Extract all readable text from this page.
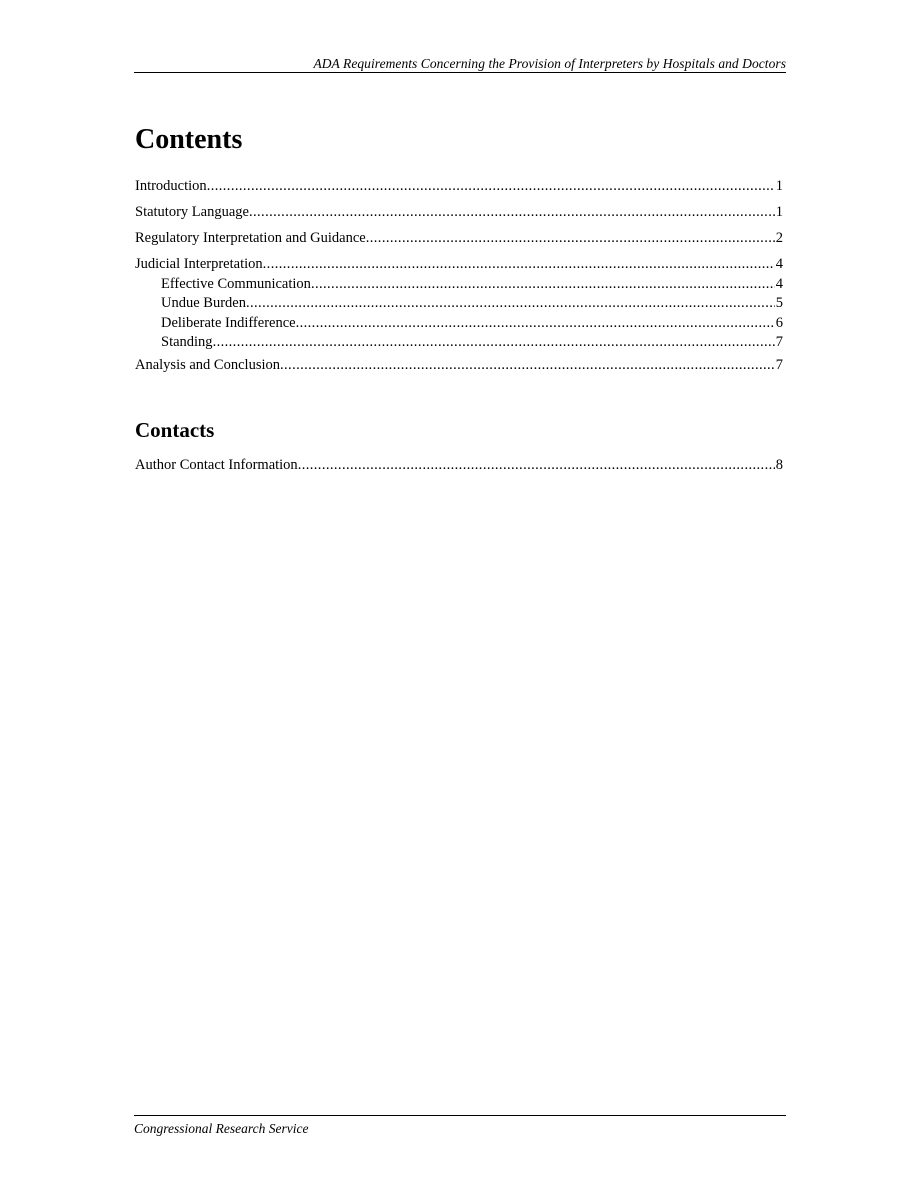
ADA Requirements Concerning the Provision of Interpreters by Hospitals and Doctors
Contents
Introduction .....	1
Statutory Language .....	1
Regulatory Interpretation and Guidance .....	2
Judicial Interpretation .....	4
Effective Communication .....	4
Undue Burden .....	5
Deliberate Indifference .....	6
Standing .....	7
Analysis and Conclusion .....	7
Contacts
Author Contact Information .....	8
Congressional Research Service
